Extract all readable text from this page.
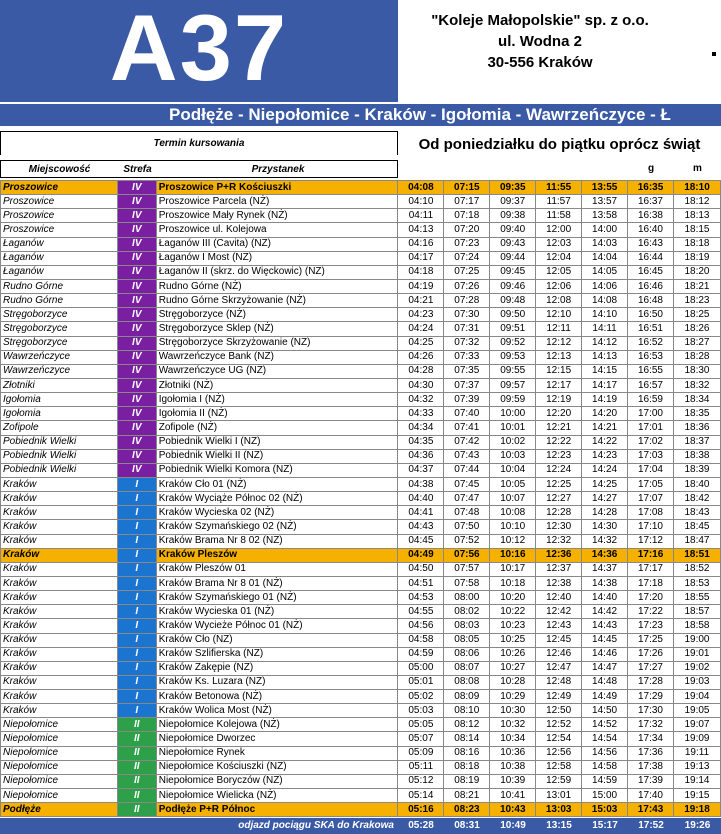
A37	"Koleje Małopolskie" sp. z o.o.
ul. Wodna 2
30-556 Kraków
Podłęże - Niepołomice - Kraków - Igołomia - Wawrzeńczyce - Ł
Termin kursowania	Od poniedziałku do piątku oprócz świąt
Miejscowość	Strefa	Przystanek	g	m
Proszowice	IV	Proszowice P+R Kościuszki	04:08	07:15	09:35	11:55	13:55	16:35	18:10
Proszowice	IV	Proszowice Parcela (NŻ)	04:10	07:17	09:37	11:57	13:57	16:37	18:12
Proszowice	IV	Proszowice Mały Rynek (NŻ)	04:11	07:18	09:38	11:58	13:58	16:38	18:13
Proszowice	IV	Proszowice ul. Kolejowa	04:13	07:20	09:40	12:00	14:00	16:40	18:15
Łaganów	IV	Łaganów III (Cavita) (NŻ)	04:16	07:23	09:43	12:03	14:03	16:43	18:18
Łaganów	IV	Łaganów I Most (NŻ)	04:17	07:24	09:44	12:04	14:04	16:44	18:19
Łaganów	IV	Łaganów II (skrz. do Więckowic) (NŻ)	04:18	07:25	09:45	12:05	14:05	16:45	18:20
Rudno Górne	IV	Rudno Górne (NŻ)	04:19	07:26	09:46	12:06	14:06	16:46	18:21
Rudno Górne	IV	Rudno Górne Skrzyżowanie (NŻ)	04:21	07:28	09:48	12:08	14:08	16:48	18:23
Stręgoborzyce	IV	Stręgoborzyce (NŻ)	04:23	07:30	09:50	12:10	14:10	16:50	18:25
Stręgoborzyce	IV	Stręgoborzyce Sklep (NŻ)	04:24	07:31	09:51	12:11	14:11	16:51	18:26
Stręgoborzyce	IV	Stręgoborzyce Skrzyżowanie (NŻ)	04:25	07:32	09:52	12:12	14:12	16:52	18:27
Wawrzeńczyce	IV	Wawrzeńczyce Bank (NŻ)	04:26	07:33	09:53	12:13	14:13	16:53	18:28
Wawrzeńczyce	IV	Wawrzeńczyce UG (NŻ)	04:28	07:35	09:55	12:15	14:15	16:55	18:30
Złotniki	IV	Złotniki (NŻ)	04:30	07:37	09:57	12:17	14:17	16:57	18:32
Igołomia	IV	Igołomia I (NŻ)	04:32	07:39	09:59	12:19	14:19	16:59	18:34
Igołomia	IV	Igołomia II (NŻ)	04:33	07:40	10:00	12:20	14:20	17:00	18:35
Zofipole	IV	Zofipole (NŻ)	04:34	07:41	10:01	12:21	14:21	17:01	18:36
Pobiednik Wielki	IV	Pobiednik Wielki I (NŻ)	04:35	07:42	10:02	12:22	14:22	17:02	18:37
Pobiednik Wielki	IV	Pobiednik Wielki II (NŻ)	04:36	07:43	10:03	12:23	14:23	17:03	18:38
Pobiednik Wielki	IV	Pobiednik Wielki Komora (NŻ)	04:37	07:44	10:04	12:24	14:24	17:04	18:39
Kraków	I	Kraków Cło 01 (NŻ)	04:38	07:45	10:05	12:25	14:25	17:05	18:40
Kraków	I	Kraków Wyciąże Północ 02 (NŻ)	04:40	07:47	10:07	12:27	14:27	17:07	18:42
Kraków	I	Kraków Wycieska 02 (NŻ)	04:41	07:48	10:08	12:28	14:28	17:08	18:43
Kraków	I	Kraków Szymańskiego 02 (NŻ)	04:43	07:50	10:10	12:30	14:30	17:10	18:45
Kraków	I	Kraków Brama Nr 8 02 (NŻ)	04:45	07:52	10:12	12:32	14:32	17:12	18:47
Kraków	I	Kraków Pleszów	04:49	07:56	10:16	12:36	14:36	17:16	18:51
Kraków	I	Kraków Pleszów 01	04:50	07:57	10:17	12:37	14:37	17:17	18:52
Kraków	I	Kraków Brama Nr 8 01 (NŻ)	04:51	07:58	10:18	12:38	14:38	17:18	18:53
Kraków	I	Kraków Szymańskiego 01 (NŻ)	04:53	08:00	10:20	12:40	14:40	17:20	18:55
Kraków	I	Kraków Wycieska 01 (NŻ)	04:55	08:02	10:22	12:42	14:42	17:22	18:57
Kraków	I	Kraków Wycieże Północ 01 (NŻ)	04:56	08:03	10:23	12:43	14:43	17:23	18:58
Kraków	I	Kraków Cło (NŻ)	04:58	08:05	10:25	12:45	14:45	17:25	19:00
Kraków	I	Kraków Szlifierska (NŻ)	04:59	08:06	10:26	12:46	14:46	17:26	19:01
Kraków	I	Kraków Zakępie (NŻ)	05:00	08:07	10:27	12:47	14:47	17:27	19:02
Kraków	I	Kraków Ks. Luzara (NŻ)	05:01	08:08	10:28	12:48	14:48	17:28	19:03
Kraków	I	Kraków Betonowa (NŻ)	05:02	08:09	10:29	12:49	14:49	17:29	19:04
Kraków	I	Kraków Wolica Most (NŻ)	05:03	08:10	10:30	12:50	14:50	17:30	19:05
Niepołomice	II	Niepołomice Kolejowa (NŻ)	05:05	08:12	10:32	12:52	14:52	17:32	19:07
Niepołomice	II	Niepołomice Dworzec	05:07	08:14	10:34	12:54	14:54	17:34	19:09
Niepołomice	II	Niepołomice Rynek	05:09	08:16	10:36	12:56	14:56	17:36	19:11
Niepołomice	II	Niepołomice Kościuszki (NŻ)	05:11	08:18	10:38	12:58	14:58	17:38	19:13
Niepołomice	II	Niepołomice Boryczów (NŻ)	05:12	08:19	10:39	12:59	14:59	17:39	19:14
Niepołomice	II	Niepołomice Wielicka (NŻ)	05:14	08:21	10:41	13:01	15:00	17:40	19:15
Podłęże	II	Podłęże P+R Północ	05:16	08:23	10:43	13:03	15:03	17:43	19:18
odjazd pociągu SKA do Krakowa	05:28	08:31	10:49	13:15	15:17	17:52	19:26
